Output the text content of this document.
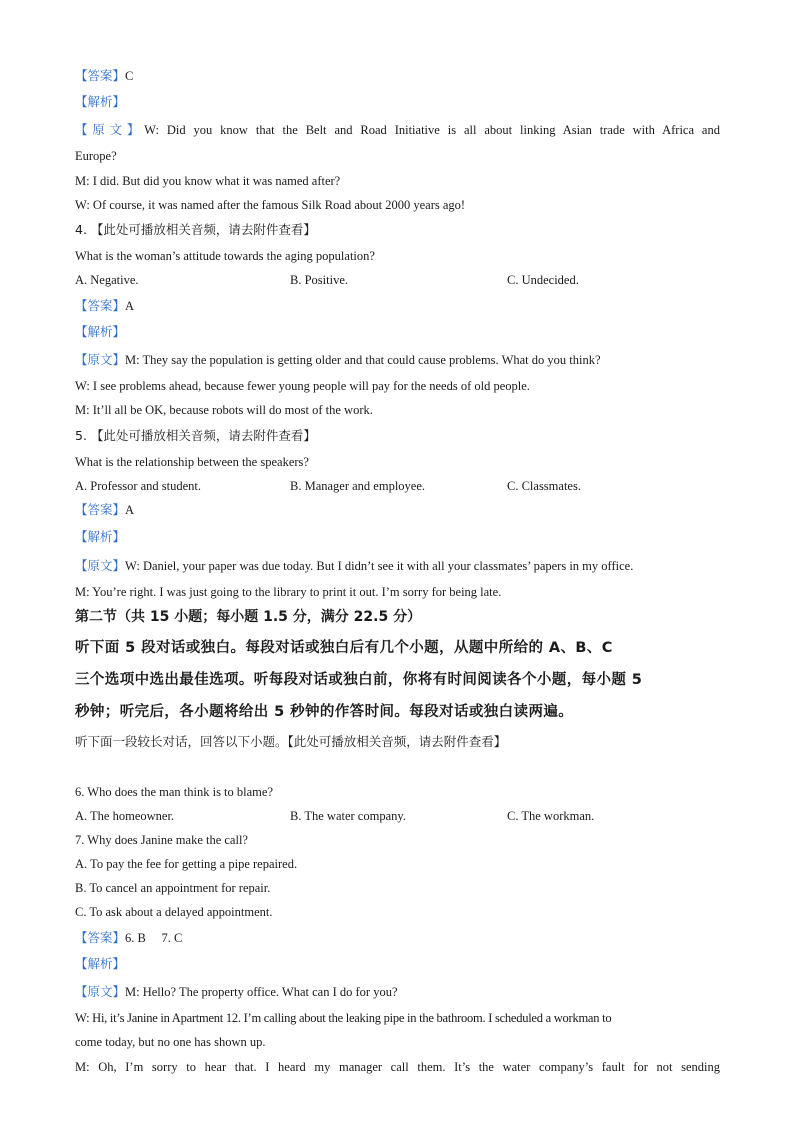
【答案】C
【解析】
【原文】W: Did you know that the Belt and Road Initiative is all about linking Asian trade with Africa and
Europe?
M: I did. But did you know what it was named after?
W: Of course, it was named after the famous Silk Road about 2000 years ago!
4. 【此处可播放相关音频，请去附件查看】
What is the woman’s attitude towards the aging population?
A. Negative.	B. Positive.	C. Undecided.
【答案】A
【解析】
【原文】M: They say the population is getting older and that could cause problems. What do you think?
W: I see problems ahead, because fewer young people will pay for the needs of old people.
M: It’ll all be OK, because robots will do most of the work.
5. 【此处可播放相关音频，请去附件查看】
What is the relationship between the speakers?
A. Professor and student.	B. Manager and employee.	C. Classmates.
【答案】A
【解析】
【原文】W: Daniel, your paper was due today. But I didn’t see it with all your classmates’ papers in my office.
M: You’re right. I was just going to the library to print it out. I’m sorry for being late.
第二节（共 15 小题；每小题 1.5 分，满分 22.5 分）
听下面 5 段对话或独白。每段对话或独白后有几个小题，从题中所给的 A、B、C
三个选项中选出最佳选项。听每段对话或独白前，你将有时间阅读各个小题，每小题 5
秒钟；听完后，各小题将给出 5 秒钟的作答时间。每段对话或独白读两遍。
听下面一段较长对话，回答以下小题。【此处可播放相关音频，请去附件查看】
6. Who does the man think is to blame?
A. The homeowner.	B. The water company.	C. The workman.
7. Why does Janine make the call?
A. To pay the fee for getting a pipe repaired.
B. To cancel an appointment for repair.
C. To ask about a delayed appointment.
【答案】6. B     7. C
【解析】
【原文】M: Hello? The property office. What can I do for you?
W: Hi, it’s Janine in Apartment 12. I’m calling about the leaking pipe in the bathroom. I scheduled a workman to
come today, but no one has shown up.
M: Oh, I’m sorry to hear that. I heard my manager call them. It’s the water company’s fault for not sending
